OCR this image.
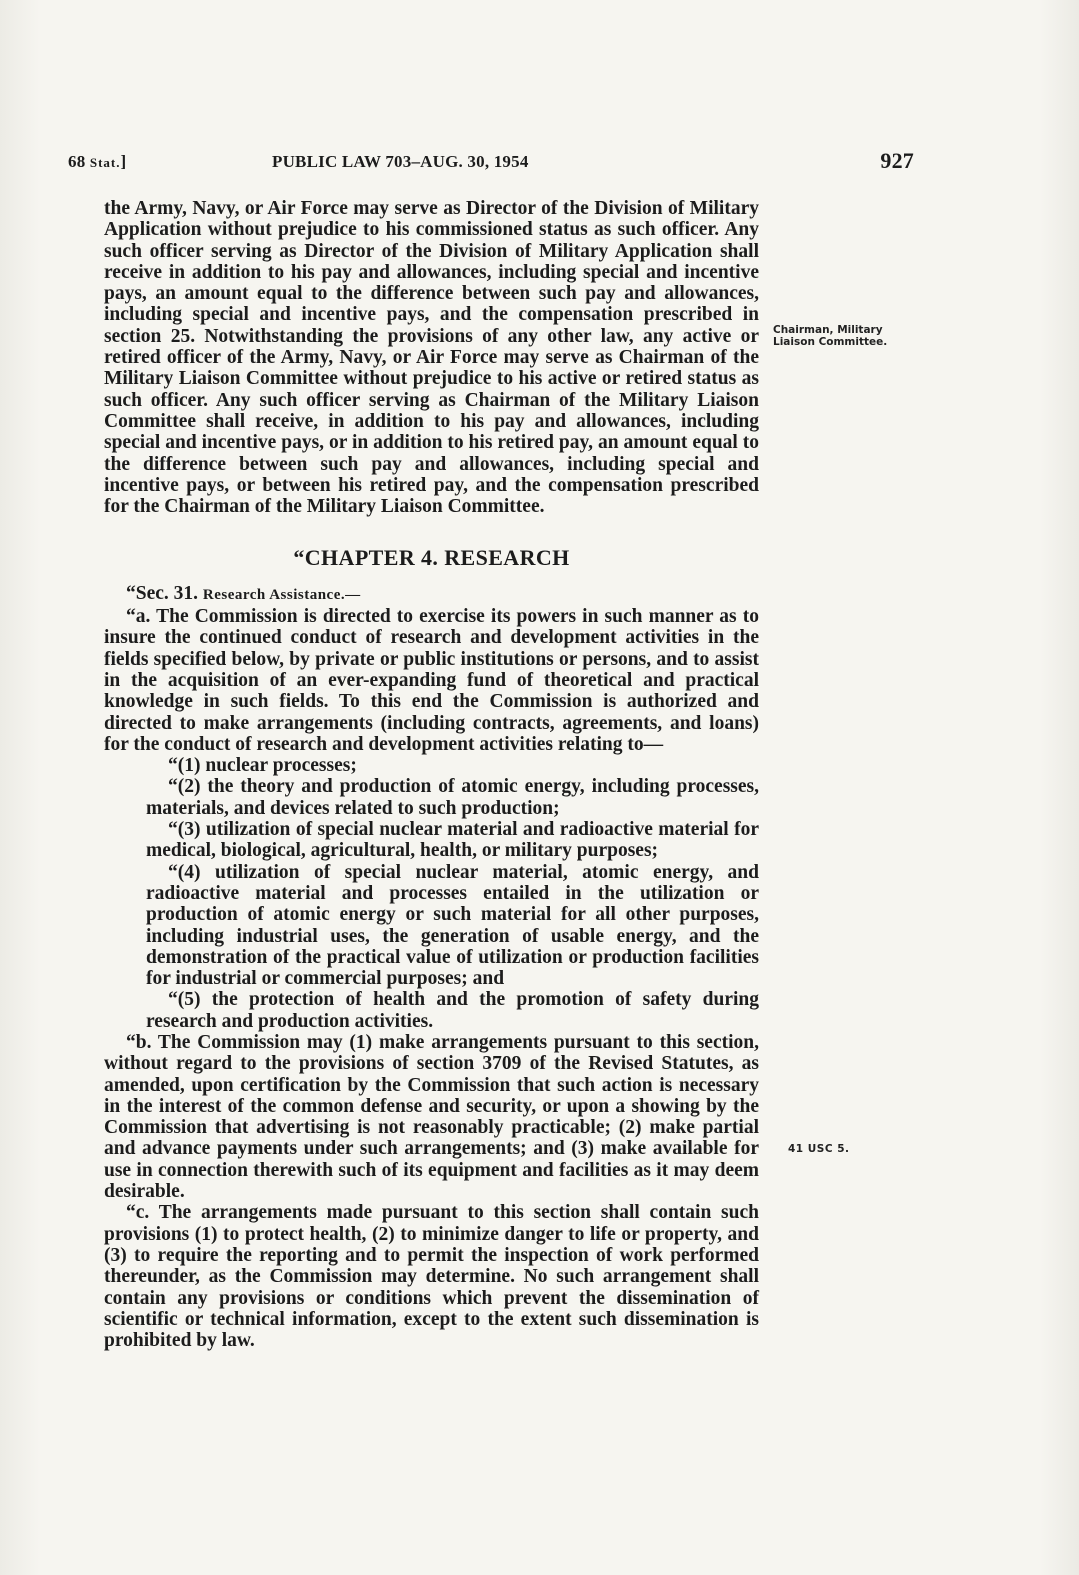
68 Stat.]	PUBLIC LAW 703–AUG. 30, 1954	927

the Army, Navy, or Air Force may serve as Director of the Division of Military Application without prejudice to his commissioned status as such officer. Any such officer serving as Director of the Division of Military Application shall receive in addition to his pay and allowances, including special and incentive pays, an amount equal to the difference between such pay and allowances, including special and incentive pays, and the compensation prescribed in section 25. Notwithstanding the provisions of any other law, any active or retired officer of the Army, Navy, or Air Force may serve as Chairman of the Military Liaison Committee without prejudice to his active or retired status as such officer. Any such officer serving as Chairman of the Military Liaison Committee shall receive, in addition to his pay and allowances, including special and incentive pays, or in addition to his retired pay, an amount equal to the difference between such pay and allowances, including special and incentive pays, or between his retired pay, and the compensation prescribed for the Chairman of the Military Liaison Committee.

“CHAPTER 4. RESEARCH

“Sec. 31. Research Assistance.—

“a. The Commission is directed to exercise its powers in such manner as to insure the continued conduct of research and development activities in the fields specified below, by private or public institutions or persons, and to assist in the acquisition of an ever-expanding fund of theoretical and practical knowledge in such fields. To this end the Commission is authorized and directed to make arrangements (including contracts, agreements, and loans) for the conduct of research and development activities relating to—

“(1) nuclear processes;

“(2) the theory and production of atomic energy, including processes, materials, and devices related to such production;

“(3) utilization of special nuclear material and radioactive material for medical, biological, agricultural, health, or military purposes;

“(4) utilization of special nuclear material, atomic energy, and radioactive material and processes entailed in the utilization or production of atomic energy or such material for all other purposes, including industrial uses, the generation of usable energy, and the demonstration of the practical value of utilization or production facilities for industrial or commercial purposes; and

“(5) the protection of health and the promotion of safety during research and production activities.

“b. The Commission may (1) make arrangements pursuant to this section, without regard to the provisions of section 3709 of the Revised Statutes, as amended, upon certification by the Commission that such action is necessary in the interest of the common defense and security, or upon a showing by the Commission that advertising is not reasonably practicable; (2) make partial and advance payments under such arrangements; and (3) make available for use in connection therewith such of its equipment and facilities as it may deem desirable.

“c. The arrangements made pursuant to this section shall contain such provisions (1) to protect health, (2) to minimize danger to life or property, and (3) to require the reporting and to permit the inspection of work performed thereunder, as the Commission may determine. No such arrangement shall contain any provisions or conditions which prevent the dissemination of scientific or technical information, except to the extent such dissemination is prohibited by law.

Chairman, Military Liaison Committee.
41 USC 5.
